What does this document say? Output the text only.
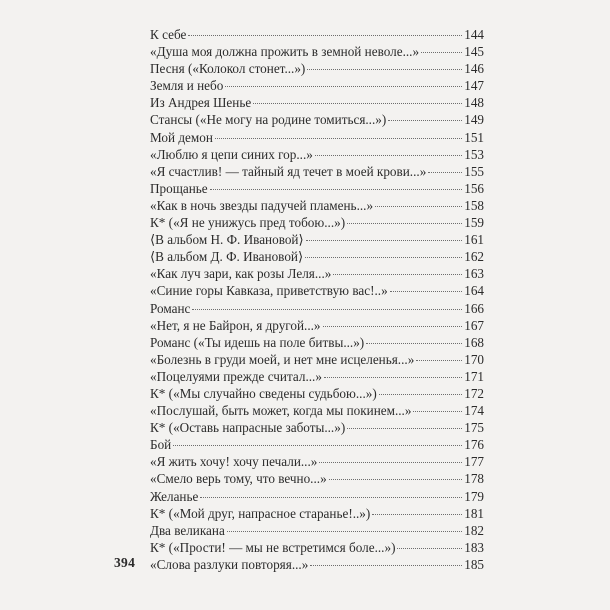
К себе	144
«Душа моя должна прожить в земной неволе...»	145
Песня («Колокол стонет...»)	146
Земля и небо	147
Из Андрея Шенье	148
Стансы («Не могу на родине томиться...»)	149
Мой демон	151
«Люблю я цепи синих гор...»	153
«Я счастлив! — тайный яд течет в моей крови...»	155
Прощанье	156
«Как в ночь звезды падучей пламень...»	158
К* («Я не унижусь пред тобою...»)	159
⟨В альбом Н. Ф. Ивановой⟩	161
⟨В альбом Д. Ф. Ивановой⟩	162
«Как луч зари, как розы Леля...»	163
«Синие горы Кавказа, приветствую вас!..»	164
Романс	166
«Нет, я не Байрон, я другой...»	167
Романс («Ты идешь на поле битвы...»)	168
«Болезнь в груди моей, и нет мне исцеленья...»	170
«Поцелуями прежде считал...»	171
К* («Мы случайно сведены судьбою...»)	172
«Послушай, быть может, когда мы покинем...»	174
К* («Оставь напрасные заботы...»)	175
Бой	176
«Я жить хочу! хочу печали...»	177
«Смело верь тому, что вечно...»	178
Желанье	179
К* («Мой друг, напрасное старанье!..»)	181
Два великана	182
К* («Прости! — мы не встретимся боле...»)	183
«Слова разлуки повторяя...»	185
394
